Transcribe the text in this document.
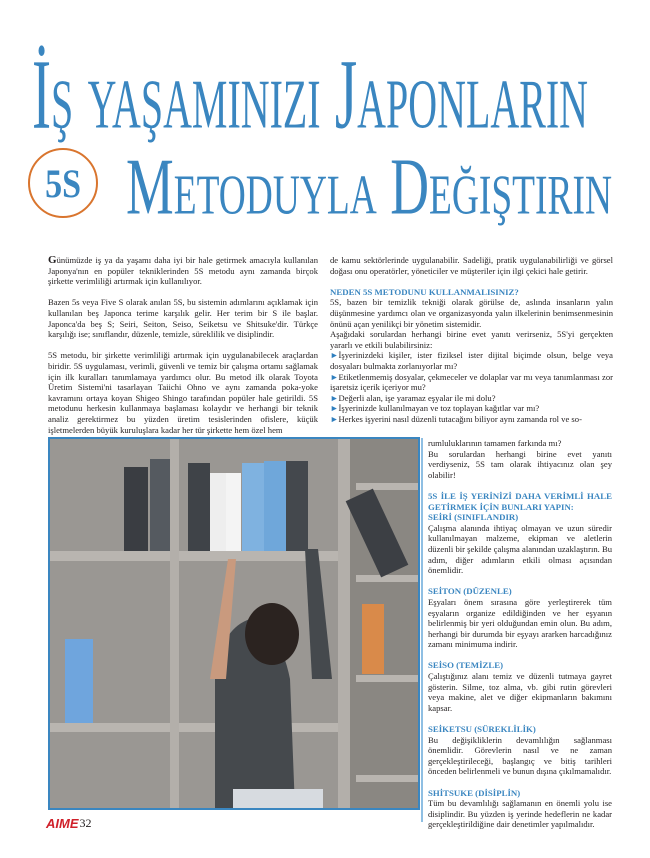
İş yaşamınızı Japonların
5S Metoduyla Değiştirin

Günümüzde iş ya da yaşamı daha iyi bir hale getirmek amacıyla kullanılan Japonya'nın en popüler tekniklerinden 5S metodu aynı zamanda birçok şirkette verimliliği artırmak için kullanılıyor.

Bazen 5s veya Five S olarak anılan 5S, bu sistemin adımlarını açıklamak için kullanılan beş Japonca terime karşılık gelir. Her terim bir S ile başlar. Japonca'da beş S; Seiri, Seiton, Seiso, Seiketsu ve Shitsuke'dir. Türkçe karşılığı ise; sınıflandır, düzenle, temizle, süreklilik ve disiplindir.

5S metodu, bir şirkette verimliliği artırmak için uygulanabilecek araçlardan biridir. 5S uygulaması, verimli, güvenli ve temiz bir çalışma ortamı sağlamak için ilk kuralları tanımlamaya yardımcı olur. Bu metod ilk olarak Toyota Üretim Sistemi'ni tasarlayan Taiichi Ohno ve aynı zamanda poka-yoke kavramını ortaya koyan Shigeo Shingo tarafından popüler hale getirildi. 5S metodunu herkesin kullanmaya başlaması kolaydır ve herhangi bir teknik analiz gerektirmez bu yüzden üretim tesislerinden ofislere, küçük işletmelerden büyük kuruluşlara kadar her tür şirkette hem özel hem

de kamu sektörlerinde uygulanabilir. Sadeliği, pratik uygulanabilirliği ve görsel doğası onu operatörler, yöneticiler ve müşteriler için ilgi çekici hale getirir.

NEDEN 5S METODUNU KULLANMALISINIZ?

5S, bazen bir temizlik tekniği olarak görülse de, aslında insanların yalın düşünmesine yardımcı olan ve organizasyonda yalın ilkelerinin benimsenmesinin önünü açan yenilikçi bir yönetim sistemidir.

Aşağıdaki sorulardan herhangi birine evet yanıtı verirseniz, 5S'yi gerçekten yararlı ve etkili bulabilirsiniz:

►İşyerinizdeki kişiler, ister fiziksel ister dijital biçimde olsun, belge veya dosyaları bulmakta zorlanıyorlar mı?
►Etiketlenmemiş dosyalar, çekmeceler ve dolaplar var mı veya tanımlanması zor işaretsiz içerik içeriyor mu?
►Değerli alan, işe yaramaz eşyalar ile mi dolu?
►İşyerinizde kullanılmayan ve toz toplayan kağıtlar var mı?
►Herkes işyerini nasıl düzenli tutacağını biliyor aynı zamanda rol ve so-

rumluluklarının tamamen farkında mı?

Bu sorulardan herhangi birine evet yanıtı verdiyseniz, 5S tam olarak ihtiyacınız olan şey olabilir!

5S İLE İŞ YERİNİZİ DAHA VERİMLİ HALE GETİRMEK İÇİN BUNLARI YAPIN:
SEİRİ (SINIFLANDIR)

Çalışma alanında ihtiyaç olmayan ve uzun süredir kullanılmayan malzeme, ekipman ve aletlerin düzenli bir şekilde çalışma alanından uzaklaştırın. Bu adım, diğer adımların etkili olması açısından önemlidir.

SEİTON (DÜZENLE)

Eşyaları önem sırasına göre yerleştirerek tüm eşyaların organize edildiğinden ve her eşyanın belirlenmiş bir yeri olduğundan emin olun. Bu adım, herhangi bir durumda bir eşyayı ararken harcadığınız zamanı minimuma indirir.

SEİSO (TEMİZLE)

Çalıştığınız alanı temiz ve düzenli tutmaya gayret gösterin. Silme, toz alma, vb. gibi rutin görevleri veya makine, alet ve diğer ekipmanların bakımını kapsar.

SEİKETSU (SÜREKLİLİK)

Bu değişikliklerin devamlılığın sağlanması önemlidir. Görevlerin nasıl ve ne zaman gerçekleştirileceği, başlangıç ve bitiş tarihleri önceden belirlenmeli ve bunun dışına çıkılmamalıdır.

SHİTSUKE (DİSİPLİN)

Tüm bu devamlılığı sağlamanın en önemli yolu ise disiplindir. Bu yüzden iş yerinde hedeflerin ne kadar gerçekleştirildiğine dair denetimler yapılmalıdır.

AIME 32
